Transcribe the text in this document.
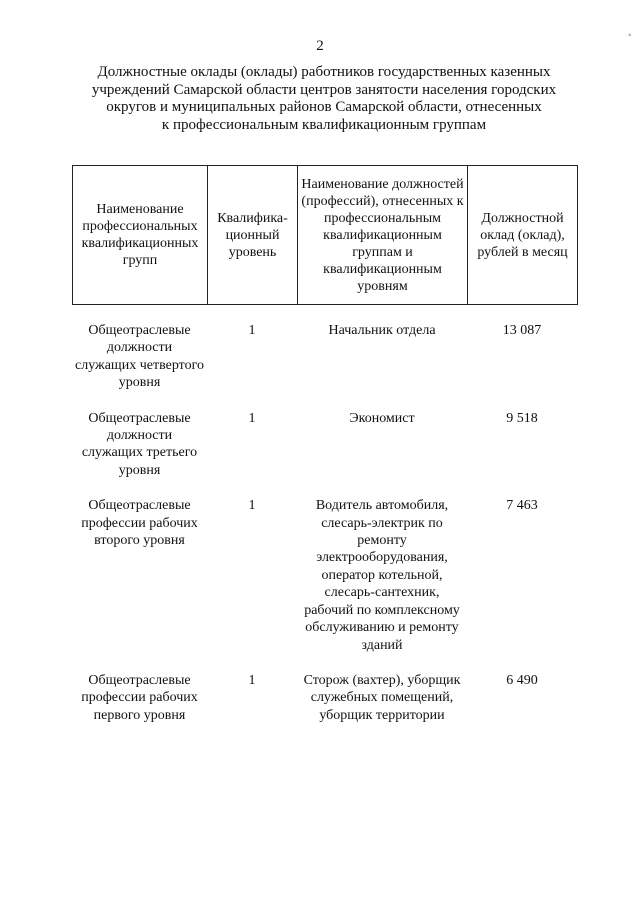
2
◦
Должностные оклады (оклады) работников государственных казенных
учреждений Самарской области центров занятости населения городских
округов и муниципальных районов Самарской области, отнесенных
к профессиональным квалификационным группам
Наименование профессиональных квалификационных групп	Квалифика-ционный уровень	Наименование должностей (профессий), отнесенных к профессиональным квалификационным группам и квалификационным уровням	Должностной оклад (оклад), рублей в месяц
Общеотраслевые должности служащих четвертого уровня	1	Начальник отдела	13 087
Общеотраслевые должности служащих третьего уровня	1	Экономист	9 518
Общеотраслевые профессии рабочих второго уровня	1	Водитель автомобиля, слесарь-электрик по ремонту электрооборудования, оператор котельной, слесарь-сантехник, рабочий по комплексному обслуживанию и ремонту зданий	7 463
Общеотраслевые профессии рабочих первого уровня	1	Сторож (вахтер), уборщик служебных помещений, уборщик территории	6 490
